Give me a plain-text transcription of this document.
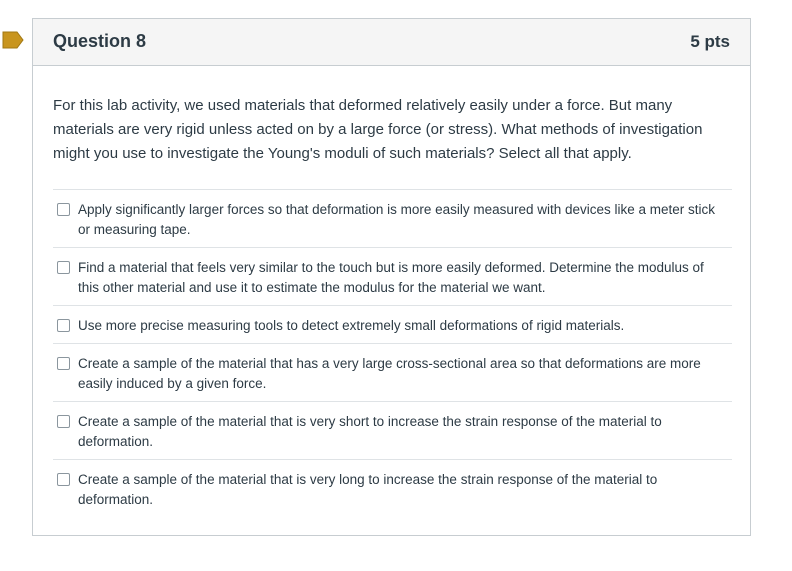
Question 8	5 pts
For this lab activity, we used materials that deformed relatively easily under a force. But many materials are very rigid unless acted on by a large force (or stress). What methods of investigation might you use to investigate the Young's moduli of such materials? Select all that apply.
Apply significantly larger forces so that deformation is more easily measured with devices like a meter stick or measuring tape.
Find a material that feels very similar to the touch but is more easily deformed. Determine the modulus of this other material and use it to estimate the modulus for the material we want.
Use more precise measuring tools to detect extremely small deformations of rigid materials.
Create a sample of the material that has a very large cross-sectional area so that deformations are more easily induced by a given force.
Create a sample of the material that is very short to increase the strain response of the material to deformation.
Create a sample of the material that is very long to increase the strain response of the material to deformation.
